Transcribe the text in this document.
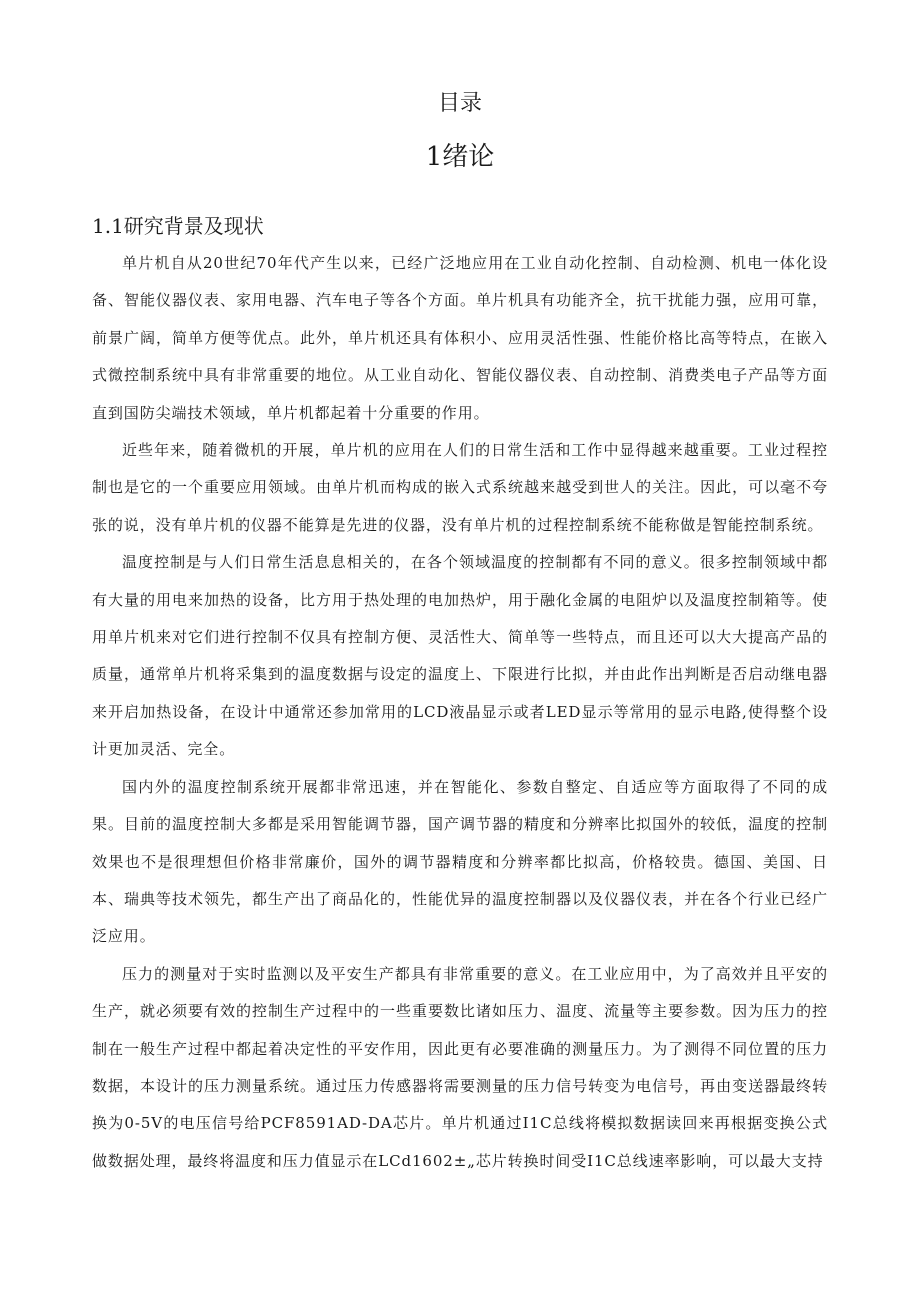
目录
1绪论
1.1研究背景及现状

单片机自从20世纪70年代产生以来，已经广泛地应用在工业自动化控制、自动检测、机电一体化设备、智能仪器仪表、家用电器、汽车电子等各个方面。单片机具有功能齐全，抗干扰能力强，应用可靠，前景广阔，简单方便等优点。此外，单片机还具有体积小、应用灵活性强、性能价格比高等特点，在嵌入式微控制系统中具有非常重要的地位。从工业自动化、智能仪器仪表、自动控制、消费类电子产品等方面直到国防尖端技术领域，单片机都起着十分重要的作用。

近些年来，随着微机的开展，单片机的应用在人们的日常生活和工作中显得越来越重要。工业过程控制也是它的一个重要应用领域。由单片机而构成的嵌入式系统越来越受到世人的关注。因此，可以毫不夸张的说，没有单片机的仪器不能算是先进的仪器，没有单片机的过程控制系统不能称做是智能控制系统。

温度控制是与人们日常生活息息相关的，在各个领域温度的控制都有不同的意义。很多控制领域中都有大量的用电来加热的设备，比方用于热处理的电加热炉，用于融化金属的电阻炉以及温度控制箱等。使用单片机来对它们进行控制不仅具有控制方便、灵活性大、简单等一些特点，而且还可以大大提高产品的质量，通常单片机将采集到的温度数据与设定的温度上、下限进行比拟，并由此作出判断是否启动继电器来开启加热设备，在设计中通常还参加常用的LCD液晶显示或者LED显示等常用的显示电路,使得整个设计更加灵活、完全。

国内外的温度控制系统开展都非常迅速，并在智能化、参数自整定、自适应等方面取得了不同的成果。目前的温度控制大多都是采用智能调节器，国产调节器的精度和分辨率比拟国外的较低，温度的控制效果也不是很理想但价格非常廉价，国外的调节器精度和分辨率都比拟高，价格较贵。德国、美国、日本、瑞典等技术领先，都生产出了商品化的，性能优异的温度控制器以及仪器仪表，并在各个行业已经广泛应用。

压力的测量对于实时监测以及平安生产都具有非常重要的意义。在工业应用中，为了高效并且平安的生产，就必须要有效的控制生产过程中的一些重要数比诸如压力、温度、流量等主要参数。因为压力的控制在一般生产过程中都起着决定性的平安作用，因此更有必要准确的测量压力。为了测得不同位置的压力数据，本设计的压力测量系统。通过压力传感器将需要测量的压力信号转变为电信号，再由变送器最终转换为0-5V的电压信号给PCF8591AD-DA芯片。单片机通过I1C总线将模拟数据读回来再根据变换公式做数据处理，最终将温度和压力值显示在LCd1602±„芯片转换时间受I1C总线速率影响，可以最大支持
